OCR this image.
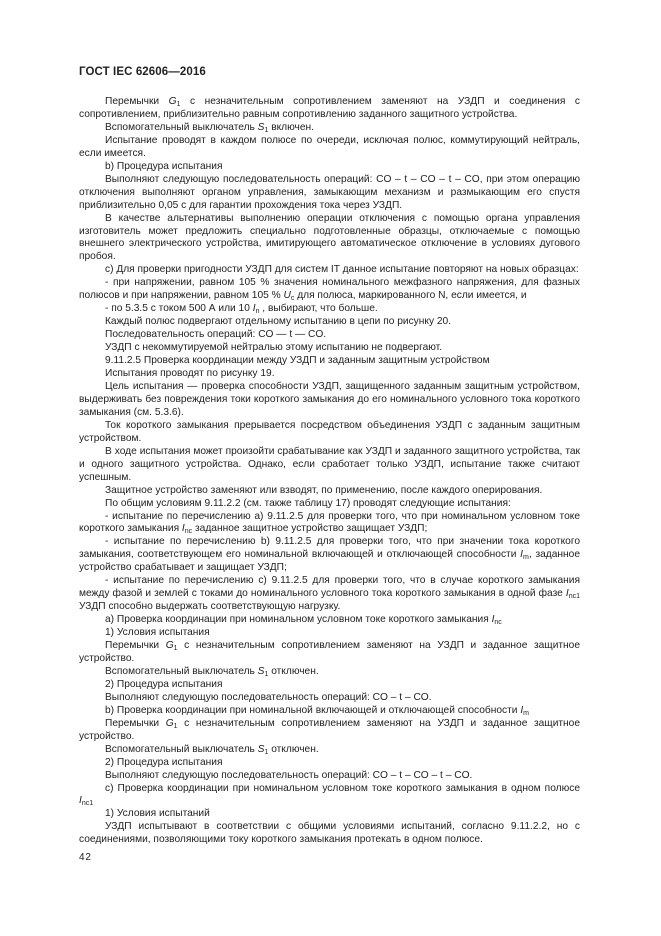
ГОСТ IEC 62606—2016

Перемычки $G_1$ с незначительным сопротивлением заменяют на УЗДП и соединения с сопротивлением, приблизительно равным сопротивлению заданного защитного устройства.

Вспомогательный выключатель $S_1$ включен.

Испытание проводят в каждом полюсе по очереди, исключая полюс, коммутирующий нейтраль, если имеется.

b) Процедура испытания

Выполняют следующую последовательность операций: CO – t – CO – t – CO, при этом операцию отключения выполняют органом управления, замыкающим механизм и размыкающим его спустя приблизительно 0,05 с для гарантии прохождения тока через УЗДП.

В качестве альтернативы выполнению операции отключения с помощью органа управления изготовитель может предложить специально подготовленные образцы, отключаемые с помощью внешнего электрического устройства, имитирующего автоматическое отключение в условиях дугового пробоя.

c) Для проверки пригодности УЗДП для систем IT данное испытание повторяют на новых образцах:

- при напряжении, равном 105 % значения номинального межфазного напряжения, для фазных полюсов и при напряжении, равном 105 % $U_c$ для полюса, маркированного N, если имеется, и

- по 5.3.5 с током 500 А или 10 $I_n$ , выбирают, что больше.

Каждый полюс подвергают отдельному испытанию в цепи по рисунку 20.

Последовательность операций: CO — t — CO.

УЗДП с некоммутируемой нейтралью этому испытанию не подвергают.

9.11.2.5 Проверка координации между УЗДП и заданным защитным устройством

Испытания проводят по рисунку 19.

Цель испытания — проверка способности УЗДП, защищенного заданным защитным устройством, выдерживать без повреждения токи короткого замыкания до его номинального условного тока короткого замыкания (см. 5.3.6).

Ток короткого замыкания прерывается посредством объединения УЗДП с заданным защитным устройством.

В ходе испытания может произойти срабатывание как УЗДП и заданного защитного устройства, так и одного защитного устройства. Однако, если сработает только УЗДП, испытание также считают успешным.

Защитное устройство заменяют или взводят, по применению, после каждого оперирования.

По общим условиям 9.11.2.2 (см. также таблицу 17) проводят следующие испытания:

- испытание по перечислению а) 9.11.2.5 для проверки того, что при номинальном условном токе короткого замыкания $I_{nc}$ заданное защитное устройство защищает УЗДП;

- испытание по перечислению b) 9.11.2.5 для проверки того, что при значении тока короткого замыкания, соответствующем его номинальной включающей и отключающей способности $I_m$, заданное устройство срабатывает и защищает УЗДП;

- испытание по перечислению c) 9.11.2.5 для проверки того, что в случае короткого замыкания между фазой и землей с токами до номинального условного тока короткого замыкания в одной фазе $I_{nc1}$ УЗДП способно выдержать соответствующую нагрузку.

a) Проверка координации при номинальном условном токе короткого замыкания $I_{nc}$

1) Условия испытания

Перемычки $G_1$ с незначительным сопротивлением заменяют на УЗДП и заданное защитное устройство.

Вспомогательный выключатель $S_1$ отключен.

2) Процедура испытания

Выполняют следующую последовательность операций: CO – t – CO.

b) Проверка координации при номинальной включающей и отключающей способности $I_m$

Перемычки $G_1$ с незначительным сопротивлением заменяют на УЗДП и заданное защитное устройство.

Вспомогательный выключатель $S_1$ отключен.

2) Процедура испытания

Выполняют следующую последовательность операций: CO – t – CO – t – CO.

c) Проверка координации при номинальном условном токе короткого замыкания в одном полюсе $I_{nc1}$

1) Условия испытаний

УЗДП испытывают в соответствии с общими условиями испытаний, согласно 9.11.2.2, но с соединениями, позволяющими току короткого замыкания протекать в одном полюсе.

42
